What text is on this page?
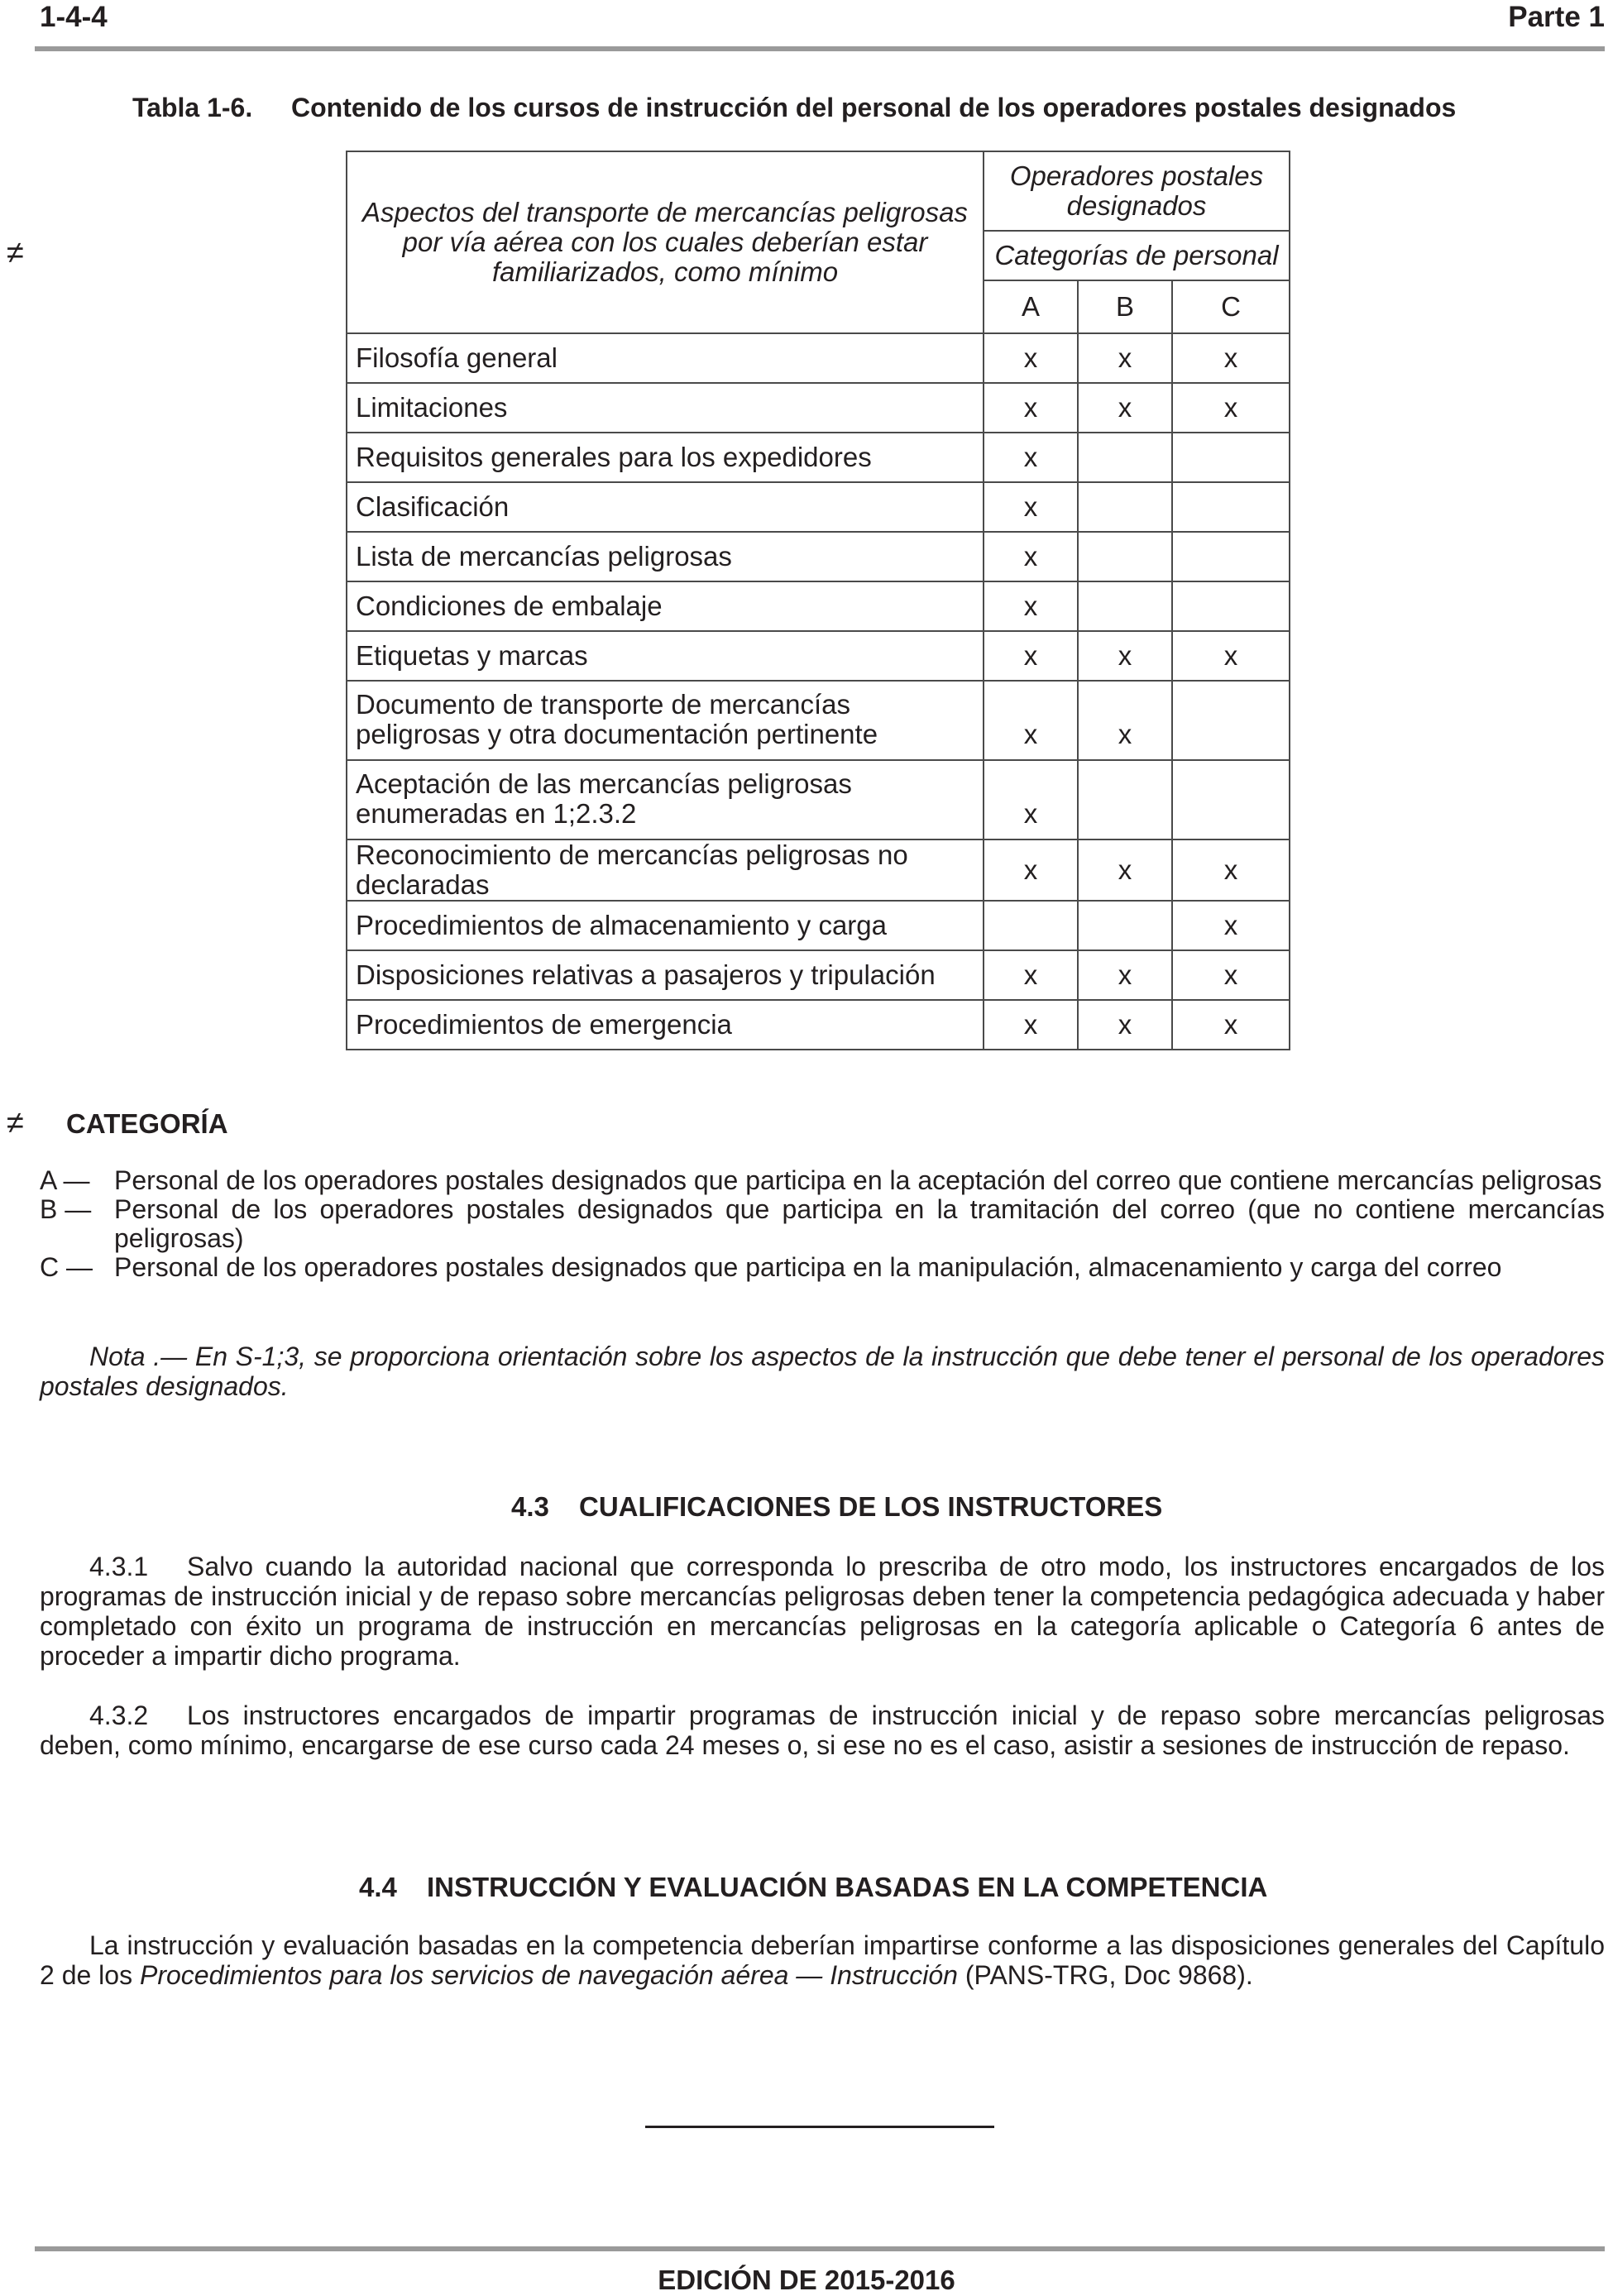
1-4-4	Parte 1
Tabla 1-6. Contenido de los cursos de instrucción del personal de los operadores postales designados
≠
Aspectos del transporte de mercancías peligrosas por vía aérea con los cuales deberían estar familiarizados, como mínimo	Operadores postales designados		
	Categorías de personal		
	A	B	C
Filosofía general	x	x	x
Limitaciones	x	x	x
Requisitos generales para los expedidores	x		
Clasificación	x		
Lista de mercancías peligrosas	x		
Condiciones de embalaje	x		
Etiquetas y marcas	x	x	x
Documento de transporte de mercancías peligrosas y otra documentación pertinente	x	x	
Aceptación de las mercancías peligrosas enumeradas en 1;2.3.2	x		
Reconocimiento de mercancías peligrosas no declaradas	x	x	x
Procedimientos de almacenamiento y carga			x
Disposiciones relativas a pasajeros y tripulación	x	x	x
Procedimientos de emergencia	x	x	x
≠ CATEGORÍA
A — Personal de los operadores postales designados que participa en la aceptación del correo que contiene mercancías peligrosas
B — Personal de los operadores postales designados que participa en la tramitación del correo (que no contiene mercancías peligrosas)
C — Personal de los operadores postales designados que participa en la manipulación, almacenamiento y carga del correo
Nota .— En S-1;3, se proporciona orientación sobre los aspectos de la instrucción que debe tener el personal de los operadores postales designados.
4.3 CUALIFICACIONES DE LOS INSTRUCTORES
4.3.1 Salvo cuando la autoridad nacional que corresponda lo prescriba de otro modo, los instructores encargados de los programas de instrucción inicial y de repaso sobre mercancías peligrosas deben tener la competencia pedagógica adecuada y haber completado con éxito un programa de instrucción en mercancías peligrosas en la categoría aplicable o Categoría 6 antes de proceder a impartir dicho programa.
4.3.2 Los instructores encargados de impartir programas de instrucción inicial y de repaso sobre mercancías peligrosas deben, como mínimo, encargarse de ese curso cada 24 meses o, si ese no es el caso, asistir a sesiones de instrucción de repaso.
4.4 INSTRUCCIÓN Y EVALUACIÓN BASADAS EN LA COMPETENCIA
La instrucción y evaluación basadas en la competencia deberían impartirse conforme a las disposiciones generales del Capítulo 2 de los Procedimientos para los servicios de navegación aérea — Instrucción (PANS-TRG, Doc 9868).
EDICIÓN DE 2015-2016
